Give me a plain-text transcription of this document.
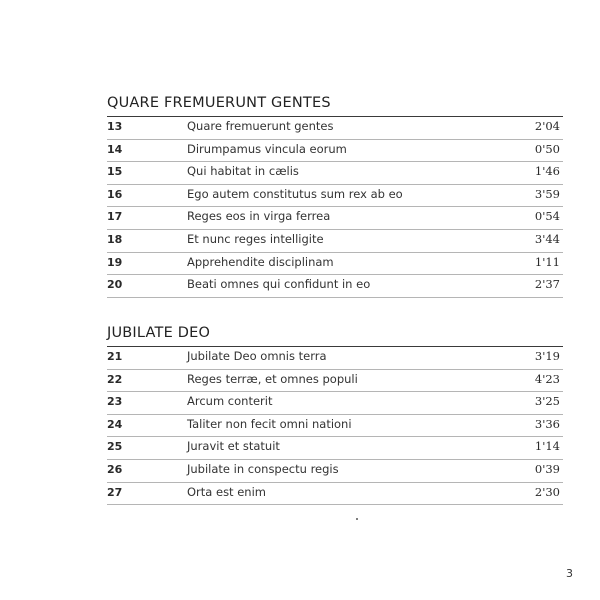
QUARE FREMUERUNT GENTES
13	Quare fremuerunt gentes	2'04
14	Dirumpamus vincula eorum	0'50
15	Qui habitat in cælis	1'46
16	Ego autem constitutus sum rex ab eo	3'59
17	Reges eos in virga ferrea	0'54
18	Et nunc reges intelligite	3'44
19	Apprehendite disciplinam	1'11
20	Beati omnes qui confidunt in eo	2'37
JUBILATE DEO
21	Jubilate Deo omnis terra	3'19
22	Reges terræ, et omnes populi	4'23
23	Arcum conterit	3'25
24	Taliter non fecit omni nationi	3'36
25	Juravit et statuit	1'14
26	Jubilate in conspectu regis	0'39
27	Orta est enim	2'30
3
